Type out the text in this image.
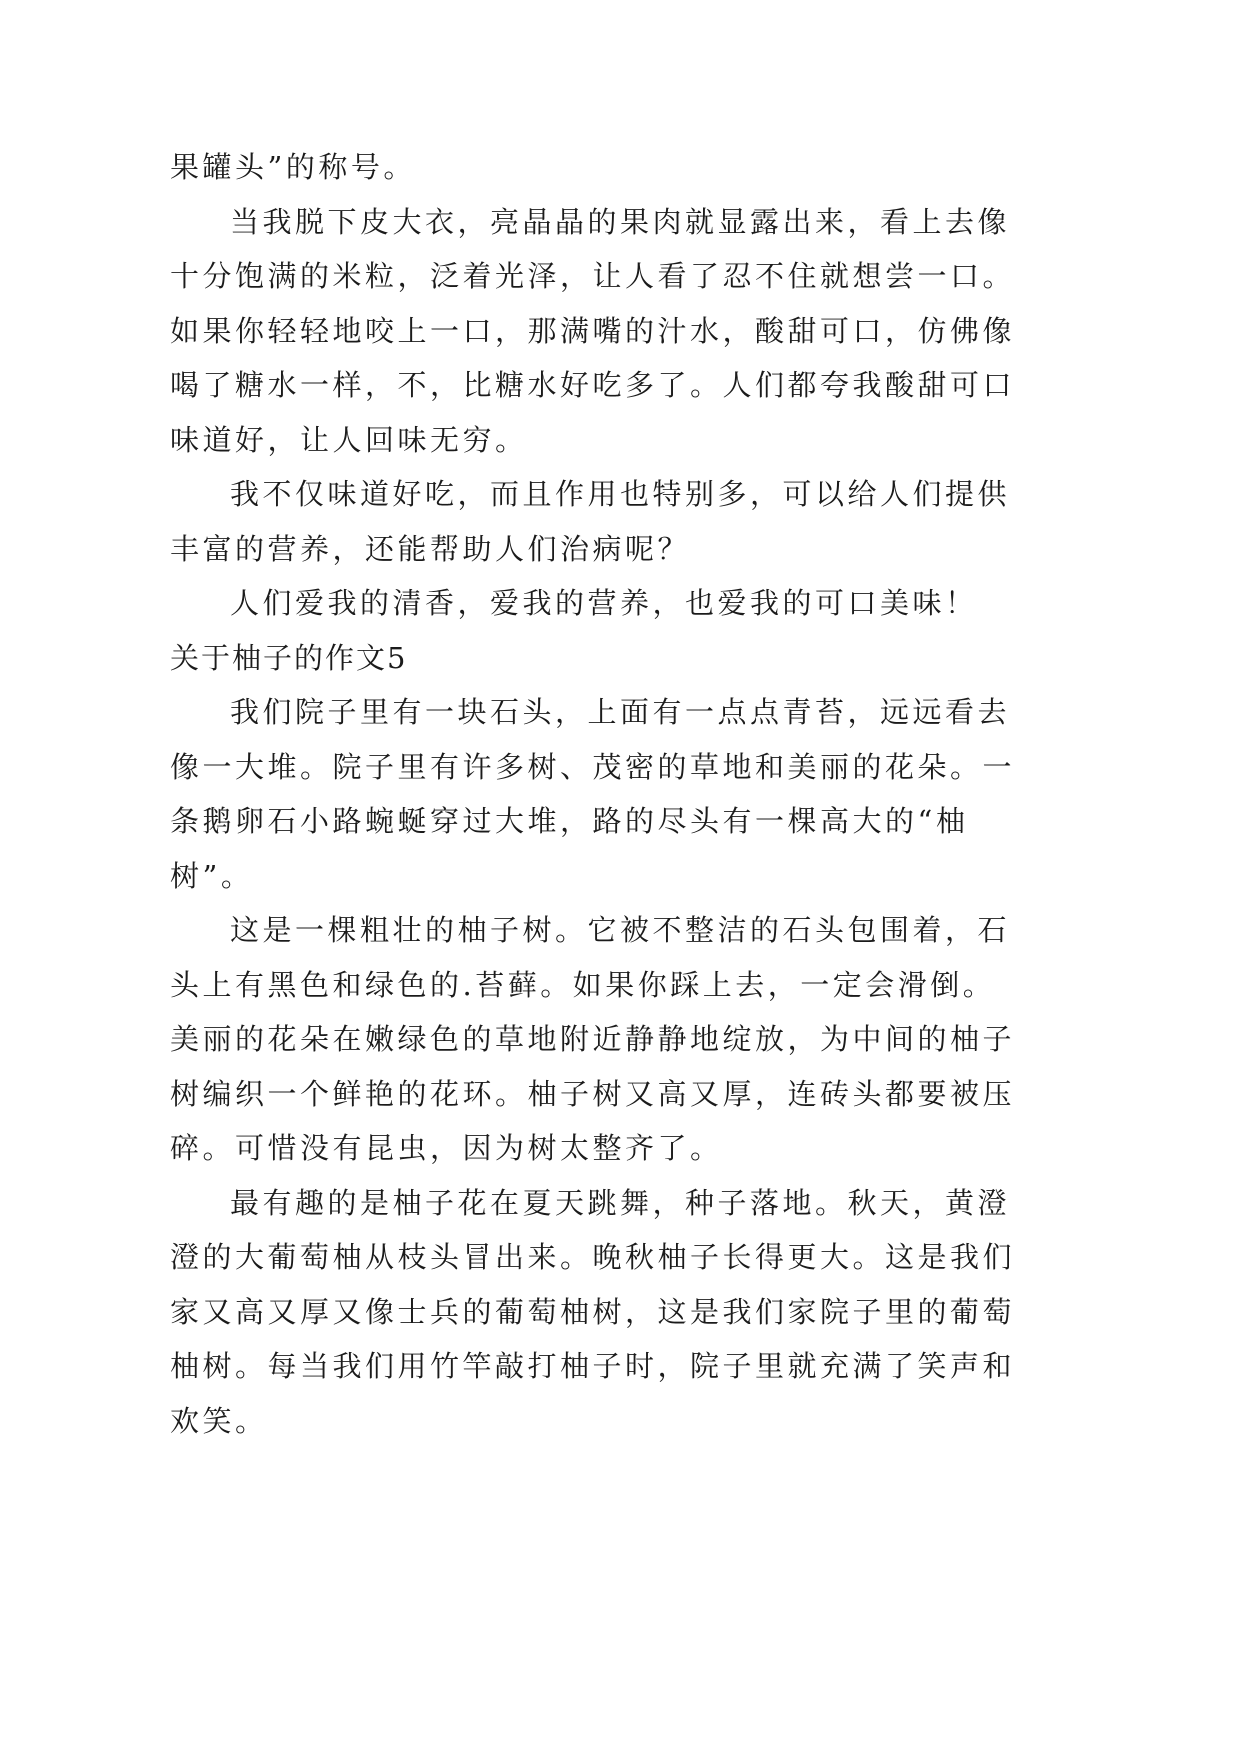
果罐头”的称号。
当我脱下皮大衣，亮晶晶的果肉就显露出来，看上去像
十分饱满的米粒，泛着光泽，让人看了忍不住就想尝一口。
如果你轻轻地咬上一口，那满嘴的汁水，酸甜可口，仿佛像
喝了糖水一样，不，比糖水好吃多了。人们都夸我酸甜可口
味道好，让人回味无穷。
我不仅味道好吃，而且作用也特别多，可以给人们提供
丰富的营养，还能帮助人们治病呢？
人们爱我的清香，爱我的营养，也爱我的可口美味！
关于柚子的作文5
我们院子里有一块石头，上面有一点点青苔，远远看去
像一大堆。院子里有许多树、茂密的草地和美丽的花朵。一
条鹅卵石小路蜿蜒穿过大堆，路的尽头有一棵高大的“柚
树”。
这是一棵粗壮的柚子树。它被不整洁的石头包围着，石
头上有黑色和绿色的.苔藓。如果你踩上去，一定会滑倒。
美丽的花朵在嫩绿色的草地附近静静地绽放，为中间的柚子
树编织一个鲜艳的花环。柚子树又高又厚，连砖头都要被压
碎。可惜没有昆虫，因为树太整齐了。
最有趣的是柚子花在夏天跳舞，种子落地。秋天，黄澄
澄的大葡萄柚从枝头冒出来。晚秋柚子长得更大。这是我们
家又高又厚又像士兵的葡萄柚树，这是我们家院子里的葡萄
柚树。每当我们用竹竿敲打柚子时，院子里就充满了笑声和
欢笑。
